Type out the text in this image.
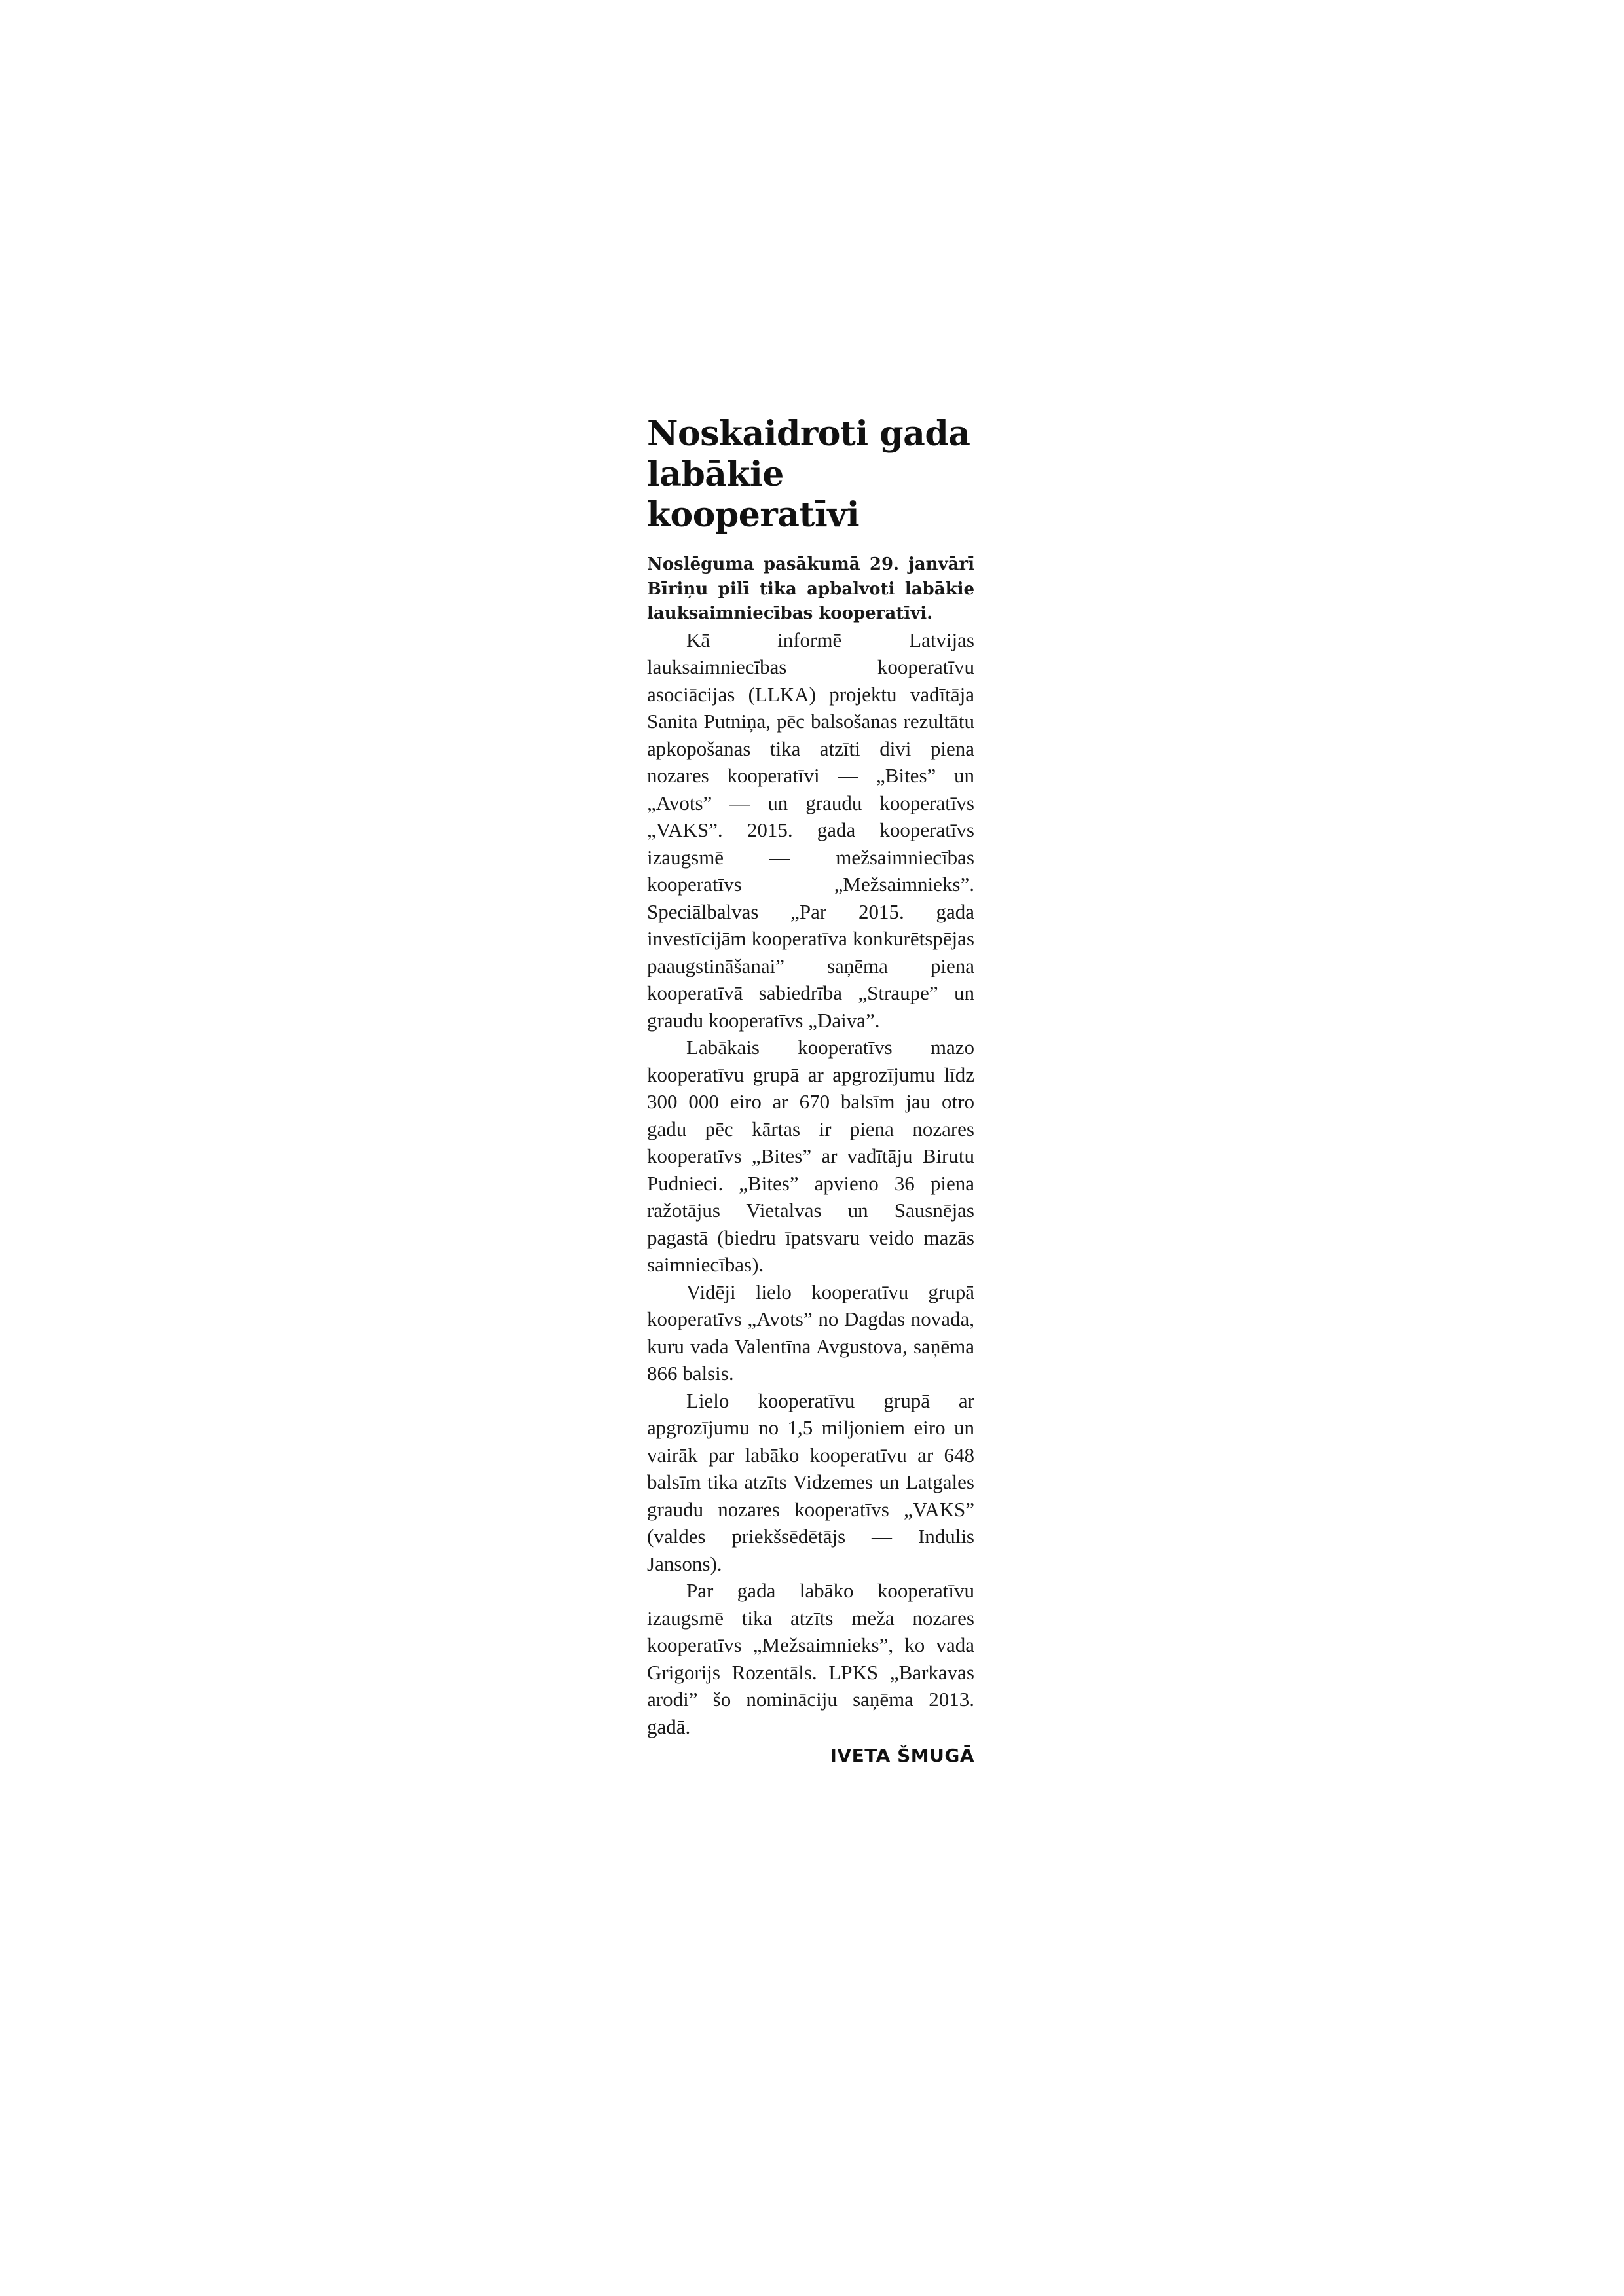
Noskaidroti gada labākie kooperatīvi

Noslēguma pasākumā 29. janvārī Bīriņu pilī tika apbalvoti labākie lauksaimniecības kooperatīvi.

Kā informē Latvijas lauksaimniecības kooperatīvu asociācijas (LLKA) projektu vadītāja Sanita Putniņa, pēc balsošanas rezultātu apkopošanas tika atzīti divi piena nozares kooperatīvi — „Bites” un „Avots” — un graudu kooperatīvs „VAKS”. 2015. gada kooperatīvs izaugsmē — mežsaimniecības kooperatīvs „Mežsaimnieks”. Speciālbalvas „Par 2015. gada investīcijām kooperatīva konkurētspējas paaugstināšanai” saņēma piena kooperatīvā sabiedrība „Straupe” un graudu kooperatīvs „Daiva”.

Labākais kooperatīvs mazo kooperatīvu grupā ar apgrozījumu līdz 300 000 eiro ar 670 balsīm jau otro gadu pēc kārtas ir piena nozares kooperatīvs „Bites” ar vadītāju Birutu Pudnieci. „Bites” apvieno 36 piena ražotājus Vietalvas un Sausnējas pagastā (biedru īpatsvaru veido mazās saimniecības).

Vidēji lielo kooperatīvu grupā kooperatīvs „Avots” no Dagdas novada, kuru vada Valentīna Avgustova, saņēma 866 balsis.

Lielo kooperatīvu grupā ar apgrozījumu no 1,5 miljoniem eiro un vairāk par labāko kooperatīvu ar 648 balsīm tika atzīts Vidzemes un Latgales graudu nozares kooperatīvs „VAKS” (valdes priekšsēdētājs — Indulis Jansons).

Par gada labāko kooperatīvu izaugsmē tika atzīts meža nozares kooperatīvs „Mežsaimnieks”, ko vada Grigorijs Rozentāls. LPKS „Barkavas arodi” šo nomināciju saņēma 2013. gadā.

IVETA ŠMUGĀ
